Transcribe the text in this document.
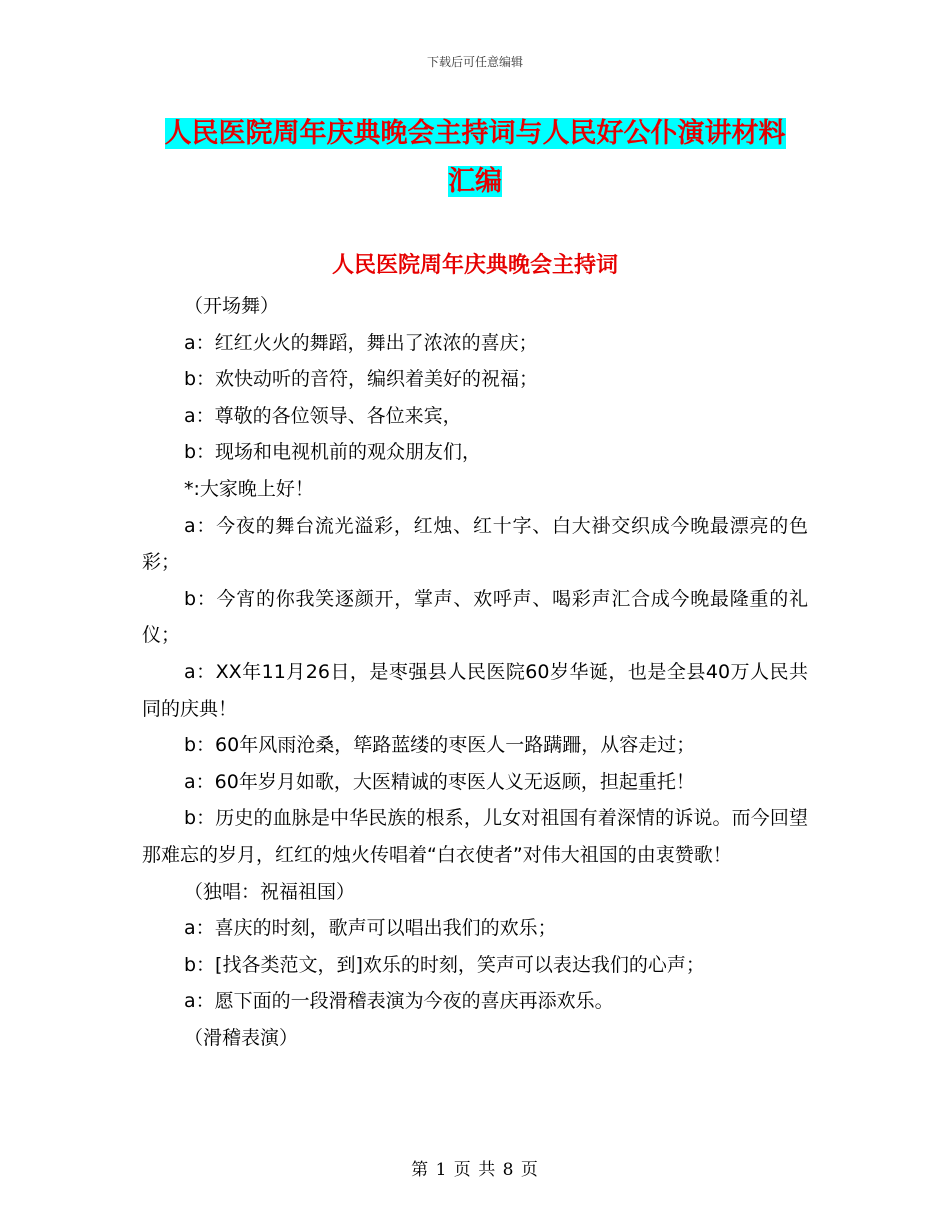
下载后可任意编辑
人民医院周年庆典晚会主持词与人民好公仆演讲材料
汇编
人民医院周年庆典晚会主持词

（开场舞）

a：红红火火的舞蹈，舞出了浓浓的喜庆；

b：欢快动听的音符，编织着美好的祝福；

a：尊敬的各位领导、各位来宾，

b：现场和电视机前的观众朋友们，

*:大家晚上好！

a：今夜的舞台流光溢彩，红烛、红十字、白大褂交织成今晚最漂亮的色彩；

b：今宵的你我笑逐颜开，掌声、欢呼声、喝彩声汇合成今晚最隆重的礼仪；

a：XX年11月26日，是枣强县人民医院60岁华诞，也是全县40万人民共同的庆典！

b：60年风雨沧桑，筚路蓝缕的枣医人一路蹒跚，从容走过；

a：60年岁月如歌，大医精诚的枣医人义无返顾，担起重托！

b：历史的血脉是中华民族的根系，儿女对祖国有着深情的诉说。而今回望那难忘的岁月，红红的烛火传唱着“白衣使者”对伟大祖国的由衷赞歌！

（独唱：祝福祖国）

a：喜庆的时刻，歌声可以唱出我们的欢乐；

b：[找各类范文，到]欢乐的时刻，笑声可以表达我们的心声；

a：愿下面的一段滑稽表演为今夜的喜庆再添欢乐。

（滑稽表演）

第 1 页 共 8 页
